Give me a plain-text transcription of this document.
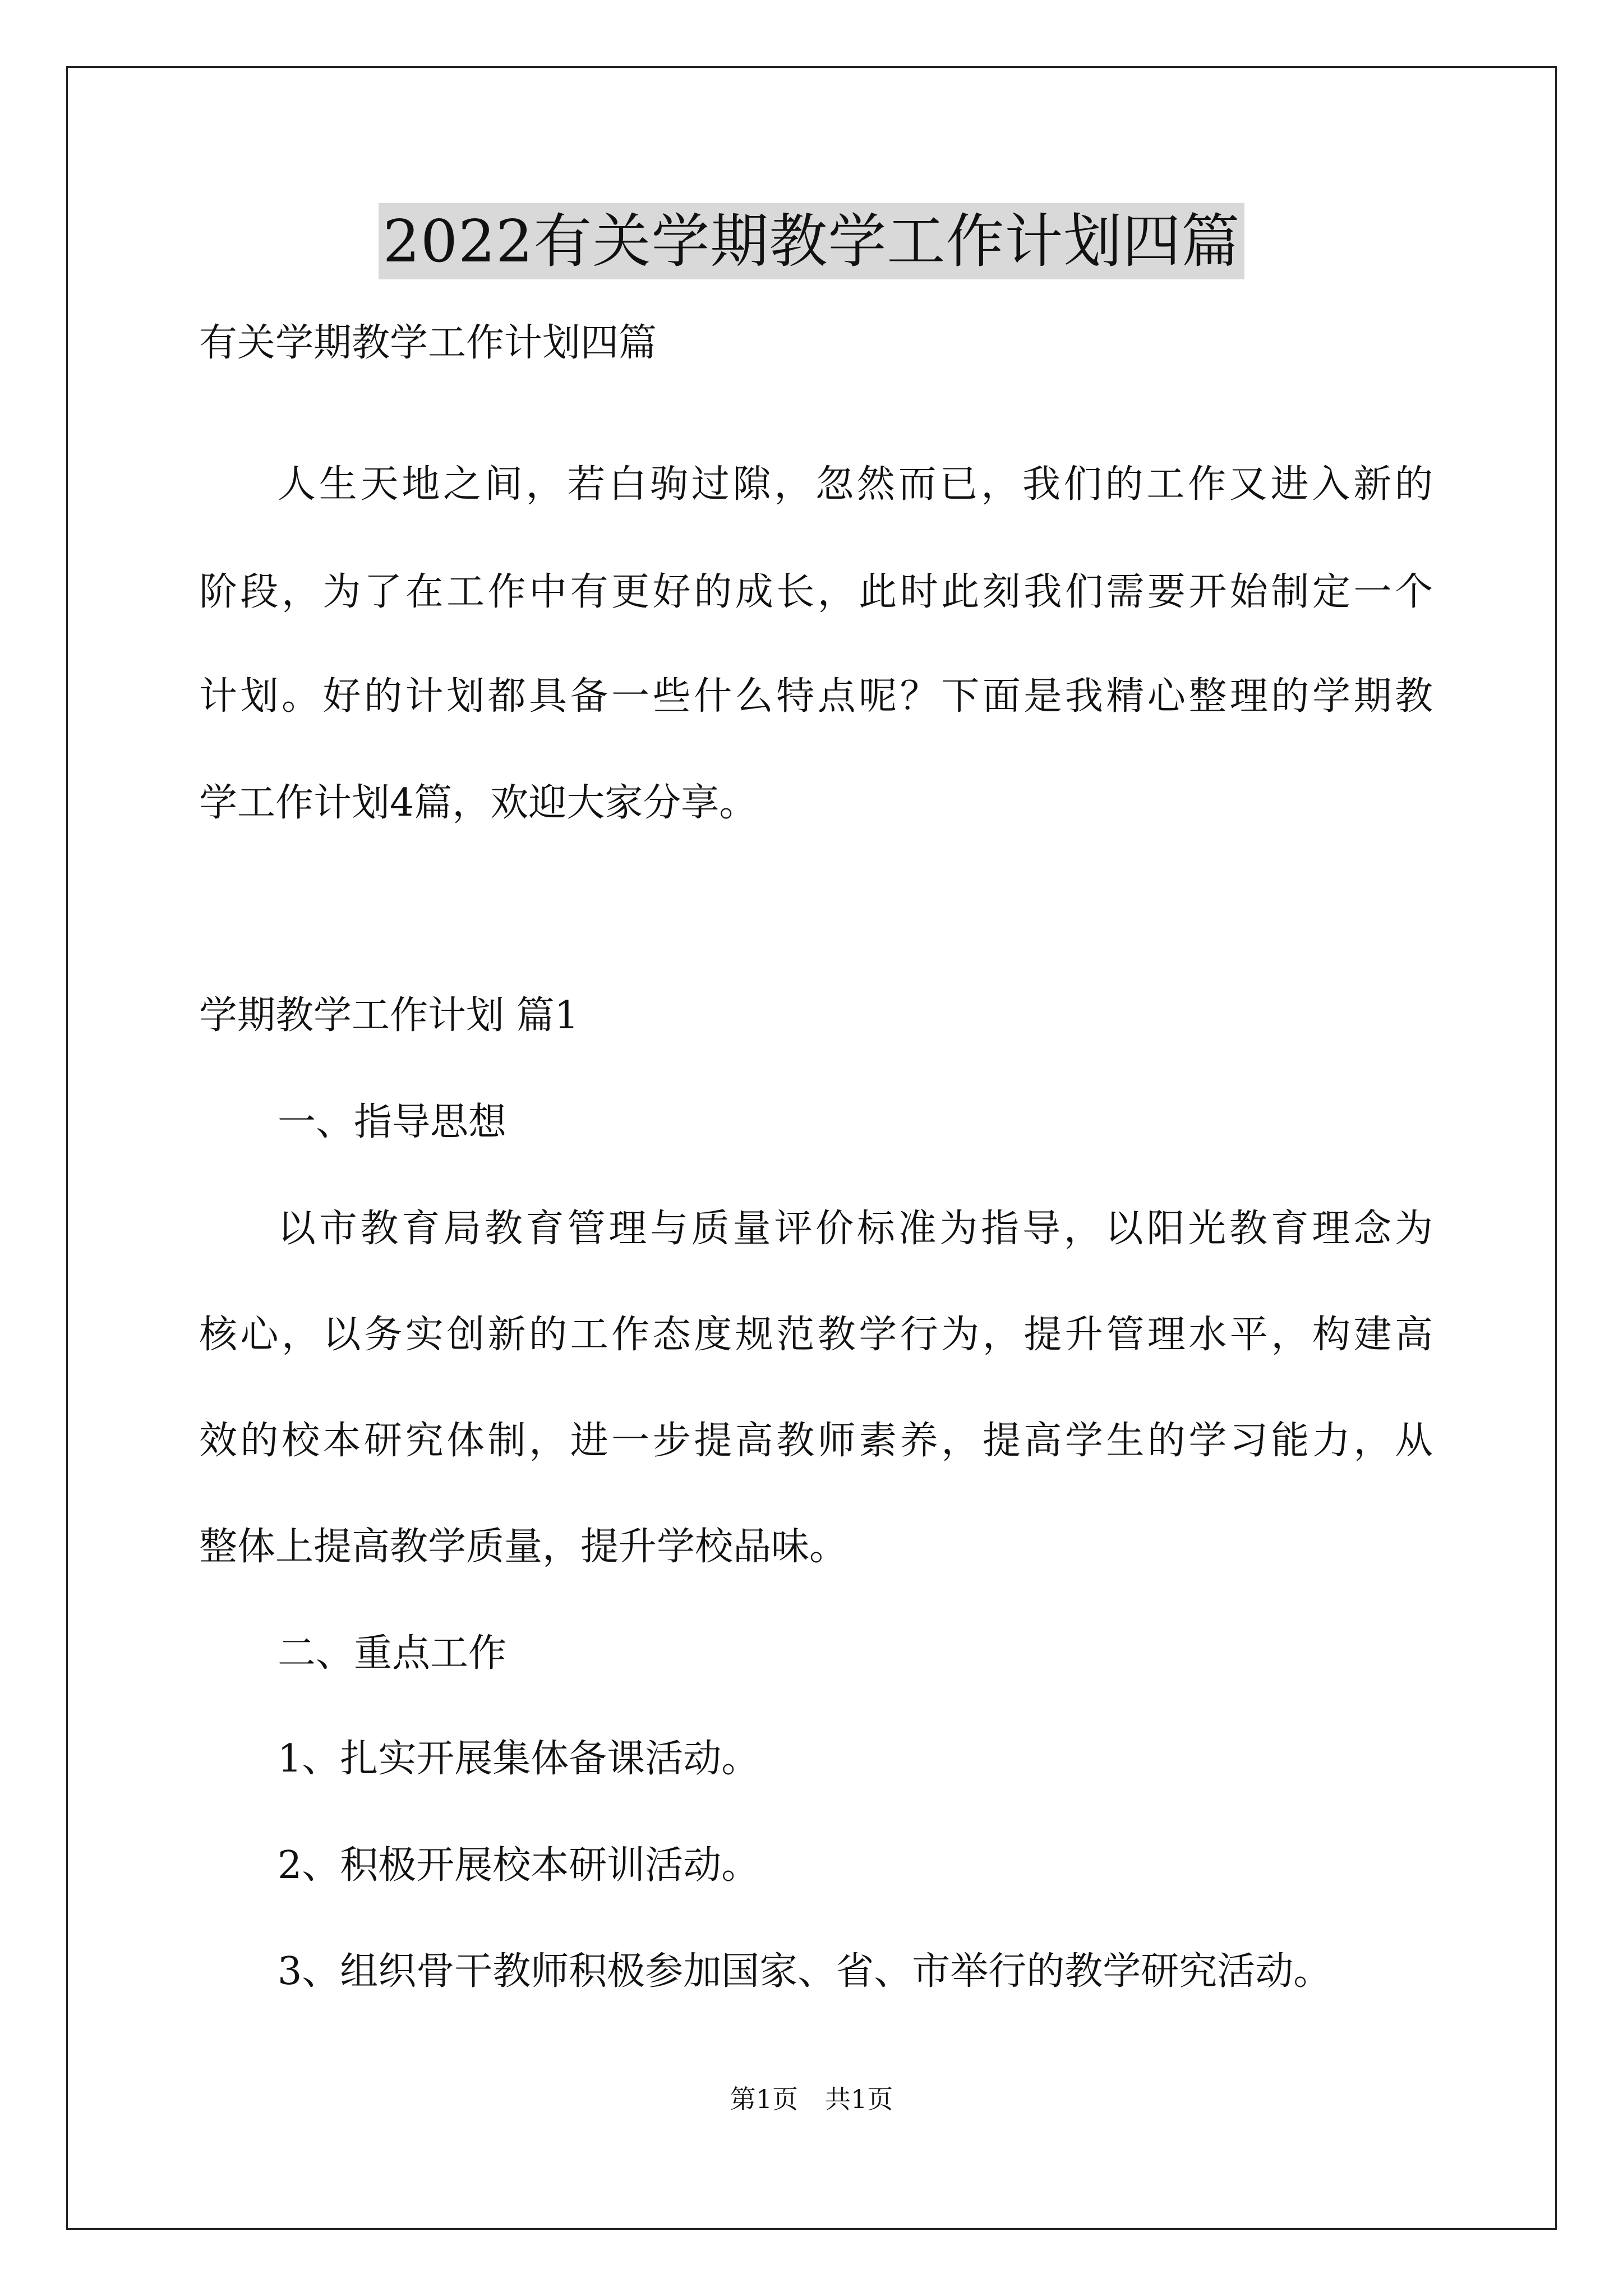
2022有关学期教学工作计划四篇
有关学期教学工作计划四篇
人生天地之间，若白驹过隙，忽然而已，我们的工作又进入新的
阶段，为了在工作中有更好的成长，此时此刻我们需要开始制定一个
计划。好的计划都具备一些什么特点呢？下面是我精心整理的学期教
学工作计划4篇，欢迎大家分享。
学期教学工作计划 篇1
一、指导思想
以市教育局教育管理与质量评价标准为指导，以阳光教育理念为
核心，以务实创新的工作态度规范教学行为，提升管理水平，构建高
效的校本研究体制，进一步提高教师素养，提高学生的学习能力，从
整体上提高教学质量，提升学校品味。
二、重点工作
1、扎实开展集体备课活动。
2、积极开展校本研训活动。
3、组织骨干教师积极参加国家、省、市举行的教学研究活动。
第1页 共1页
